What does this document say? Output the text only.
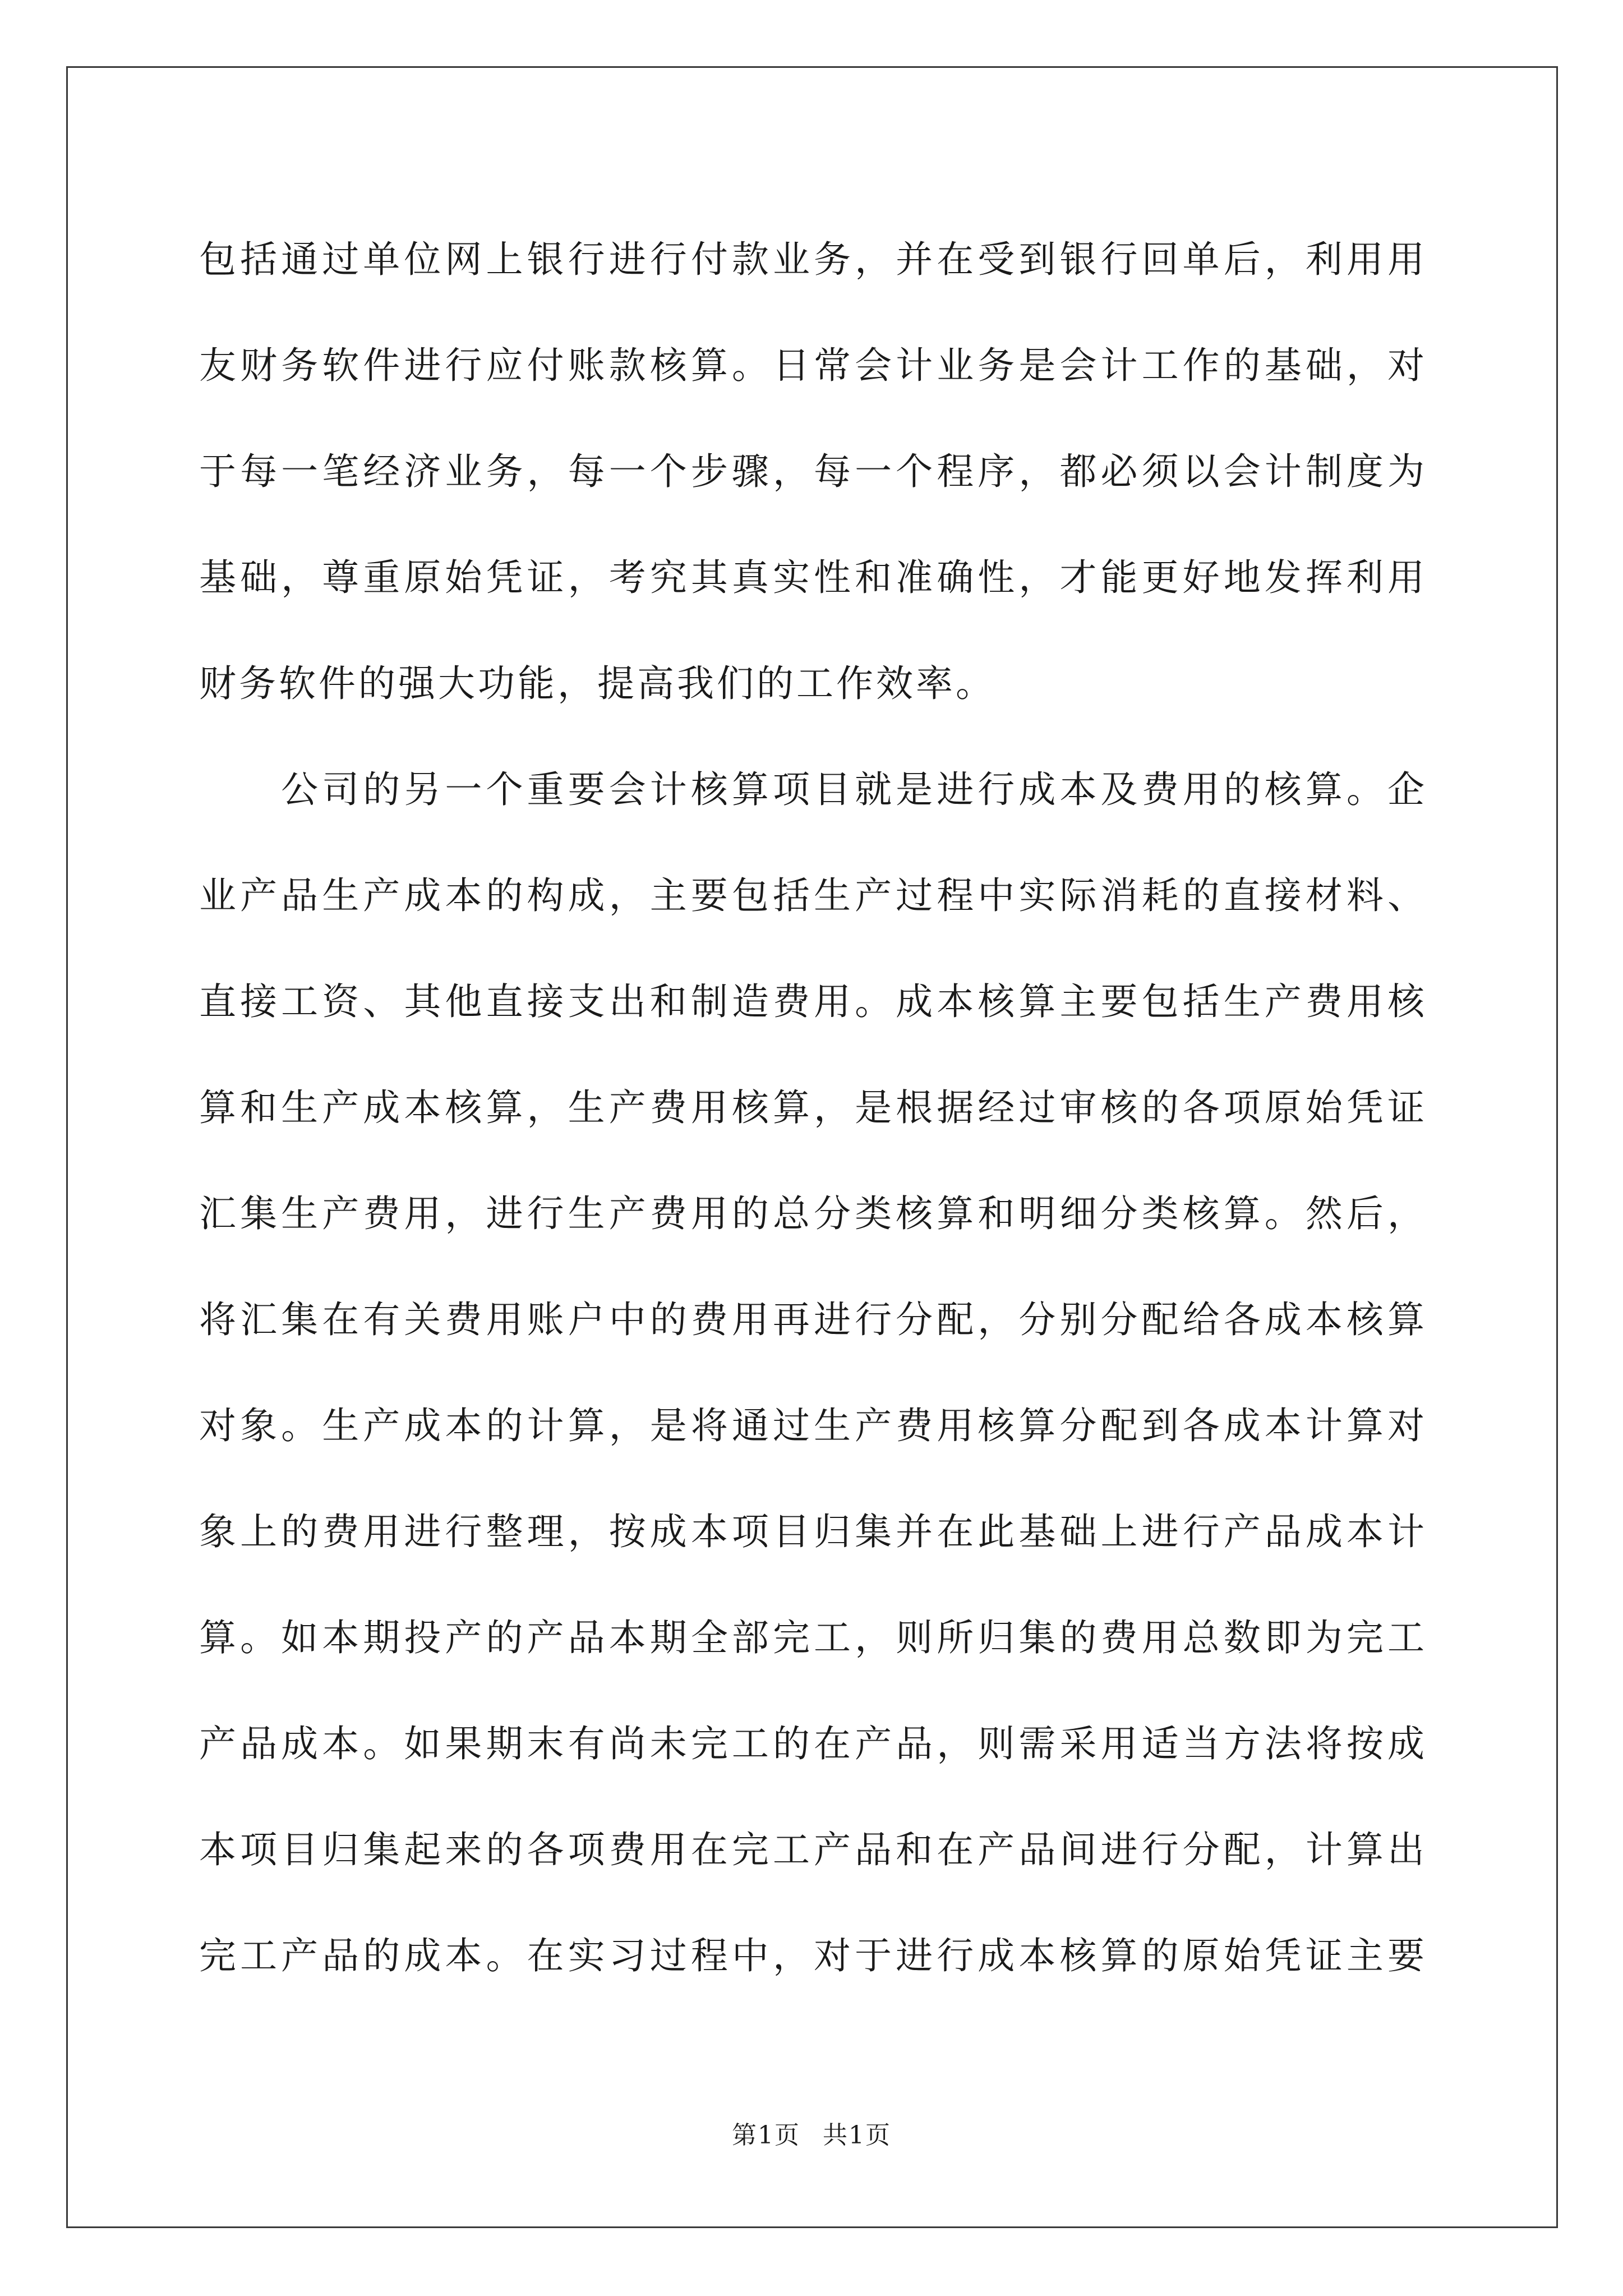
包括通过单位网上银行进行付款业务，并在受到银行回单后，利用用
友财务软件进行应付账款核算。日常会计业务是会计工作的基础，对
于每一笔经济业务，每一个步骤，每一个程序，都必须以会计制度为
基础，尊重原始凭证，考究其真实性和准确性，才能更好地发挥利用
财务软件的强大功能，提高我们的工作效率。
　　公司的另一个重要会计核算项目就是进行成本及费用的核算。企
业产品生产成本的构成，主要包括生产过程中实际消耗的直接材料、
直接工资、其他直接支出和制造费用。成本核算主要包括生产费用核
算和生产成本核算，生产费用核算，是根据经过审核的各项原始凭证
汇集生产费用，进行生产费用的总分类核算和明细分类核算。然后，
将汇集在有关费用账户中的费用再进行分配，分别分配给各成本核算
对象。生产成本的计算，是将通过生产费用核算分配到各成本计算对
象上的费用进行整理，按成本项目归集并在此基础上进行产品成本计
算。如本期投产的产品本期全部完工，则所归集的费用总数即为完工
产品成本。如果期末有尚未完工的在产品，则需采用适当方法将按成
本项目归集起来的各项费用在完工产品和在产品间进行分配，计算出
完工产品的成本。在实习过程中，对于进行成本核算的原始凭证主要
第1页 共1页
